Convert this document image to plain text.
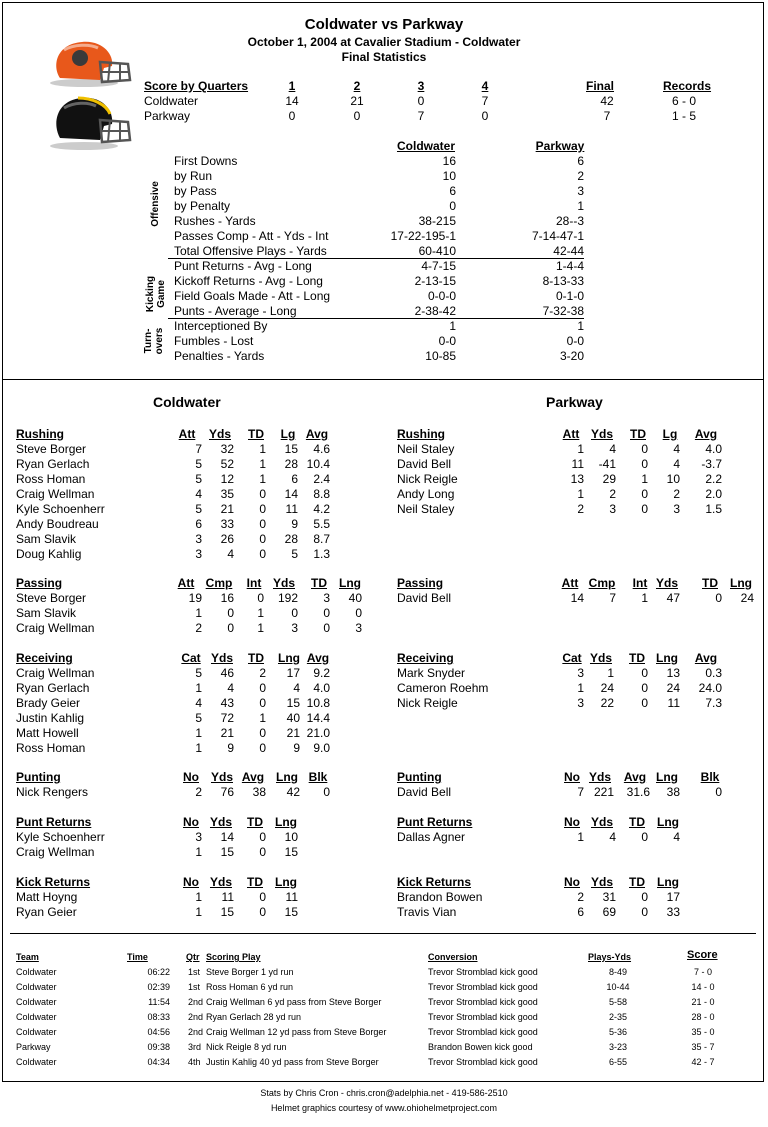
Coldwater vs Parkway
October 1, 2004 at Cavalier Stadium - Coldwater
Final Statistics
Score by Quarters	1	2	3	4	Final	Records
Coldwater	14	21	0	7	42	6 - 0
Parkway	0	0	7	0	7	1 - 5
Coldwater	Parkway
Offensive
Kicking Game
Turn-
overs
First Downs	16	6
by Run	10	2
by Pass	6	3
by Penalty	0	1
Rushes - Yards	38-215	28--3
Passes Comp - Att - Yds - Int	17-22-195-1	7-14-47-1
Total Offensive Plays - Yards	60-410	42-44
Punt Returns - Avg - Long	4-7-15	1-4-4
Kickoff Returns - Avg - Long	2-13-15	8-13-33
Field Goals Made - Att - Long	0-0-0	0-1-0
Punts - Average - Long	2-38-42	7-32-38
Interceptioned By	1	1
Fumbles - Lost	0-0	0-0
Penalties - Yards	10-85	3-20
Coldwater	Parkway
Rushing	Att	Yds TD Lg Avg
Steve Borger	7	32	1	15	4.6
Ryan Gerlach	5	52	1	28 10.4
Ross Homan	5	12	1	6	2.4
Craig Wellman	4	35	0	14	8.8
Kyle Schoenherr	5	21	0	11	4.2
Andy Boudreau	6	33	0	9	5.5
Sam Slavik	3	26	0	28	8.7
Doug Kahlig	3	4	0	5	1.3
Passing	Att Cmp Int Yds TD Lng
Steve Borger	19	16	0	192	3	40
Sam Slavik	1	0	1	0	0	0
Craig Wellman	2	0	1	3	0	3
Receiving	Cat Yds TD Lng Avg
Craig Wellman	5	46	2	17	9.2
Ryan Gerlach	1	4	0	4	4.0
Brady Geier	4	43	0	15 10.8
Justin Kahlig	5	72	1	40 14.4
Matt Howell	1	21	0	21 21.0
Ross Homan	1	9	0	9	9.0
Punting	No Yds Avg Lng Blk
Nick Rengers	2	76	38	42	0
Punt Returns	No Yds TD Lng
Kyle Schoenherr	3	14	0	10
Craig Wellman	1	15	0	15
Kick Returns	No Yds TD Lng
Matt Hoyng	1	11	0	11
Ryan Geier	1	15	0	15
Rushing	Att Yds TD Lg	Avg
Neil Staley	1	4	0	4	4.0
David Bell	11	-41	0	4	-3.7
Nick Reigle	13	29	1	10	2.2
Andy Long	1	2	0	2	2.0
Neil Staley	2	3	0	3	1.5
Passing	Att Cmp Int Yds	TD	Lng
David Bell	14	7	1	47	0	24
Receiving	Cat Yds TD Lng	Avg
Mark Snyder	3	1	0	13	0.3
Cameron Roehm	1	24	0	24	24.0
Nick Reigle	3	22	0	11	7.3
Punting	No Yds	Avg Lng Blk
David Bell	7 221	31.6	38	0
Punt Returns	No Yds TD Lng
Dallas Agner	1	4	0	4
Kick Returns	No Yds TD Lng
Brandon Bowen	2	31	0	17
Travis Vian	6	69	0	33
Team	Time	Qtr Scoring Play	Conversion	Plays-Yds	Score
Coldwater	06:22 1st Steve Borger 1 yd run	Trevor Stromblad kick good	8-49	7 - 0
Coldwater	02:39 1st Ross Homan 6 yd run	Trevor Stromblad kick good	10-44	14 - 0
Coldwater	11:54 2nd Craig Wellman 6 yd pass from Steve Borger	Trevor Stromblad kick good	5-58	21 - 0
Coldwater	08:33 2nd Ryan Gerlach 28 yd run	Trevor Stromblad kick good	2-35	28 - 0
Coldwater	04:56 2nd Craig Wellman 12 yd pass from Steve Borger	Trevor Stromblad kick good	5-36	35 - 0
Parkway	09:38 3rd Nick Reigle 8 yd run	Brandon Bowen kick good	3-23	35 - 7
Coldwater	04:34 4th Justin Kahlig 40 yd pass from Steve Borger	Trevor Stromblad kick good	6-55	42 - 7
Stats by Chris Cron - chris.cron@adelphia.net - 419-586-2510
Helmet graphics courtesy of www.ohiohelmetproject.com
